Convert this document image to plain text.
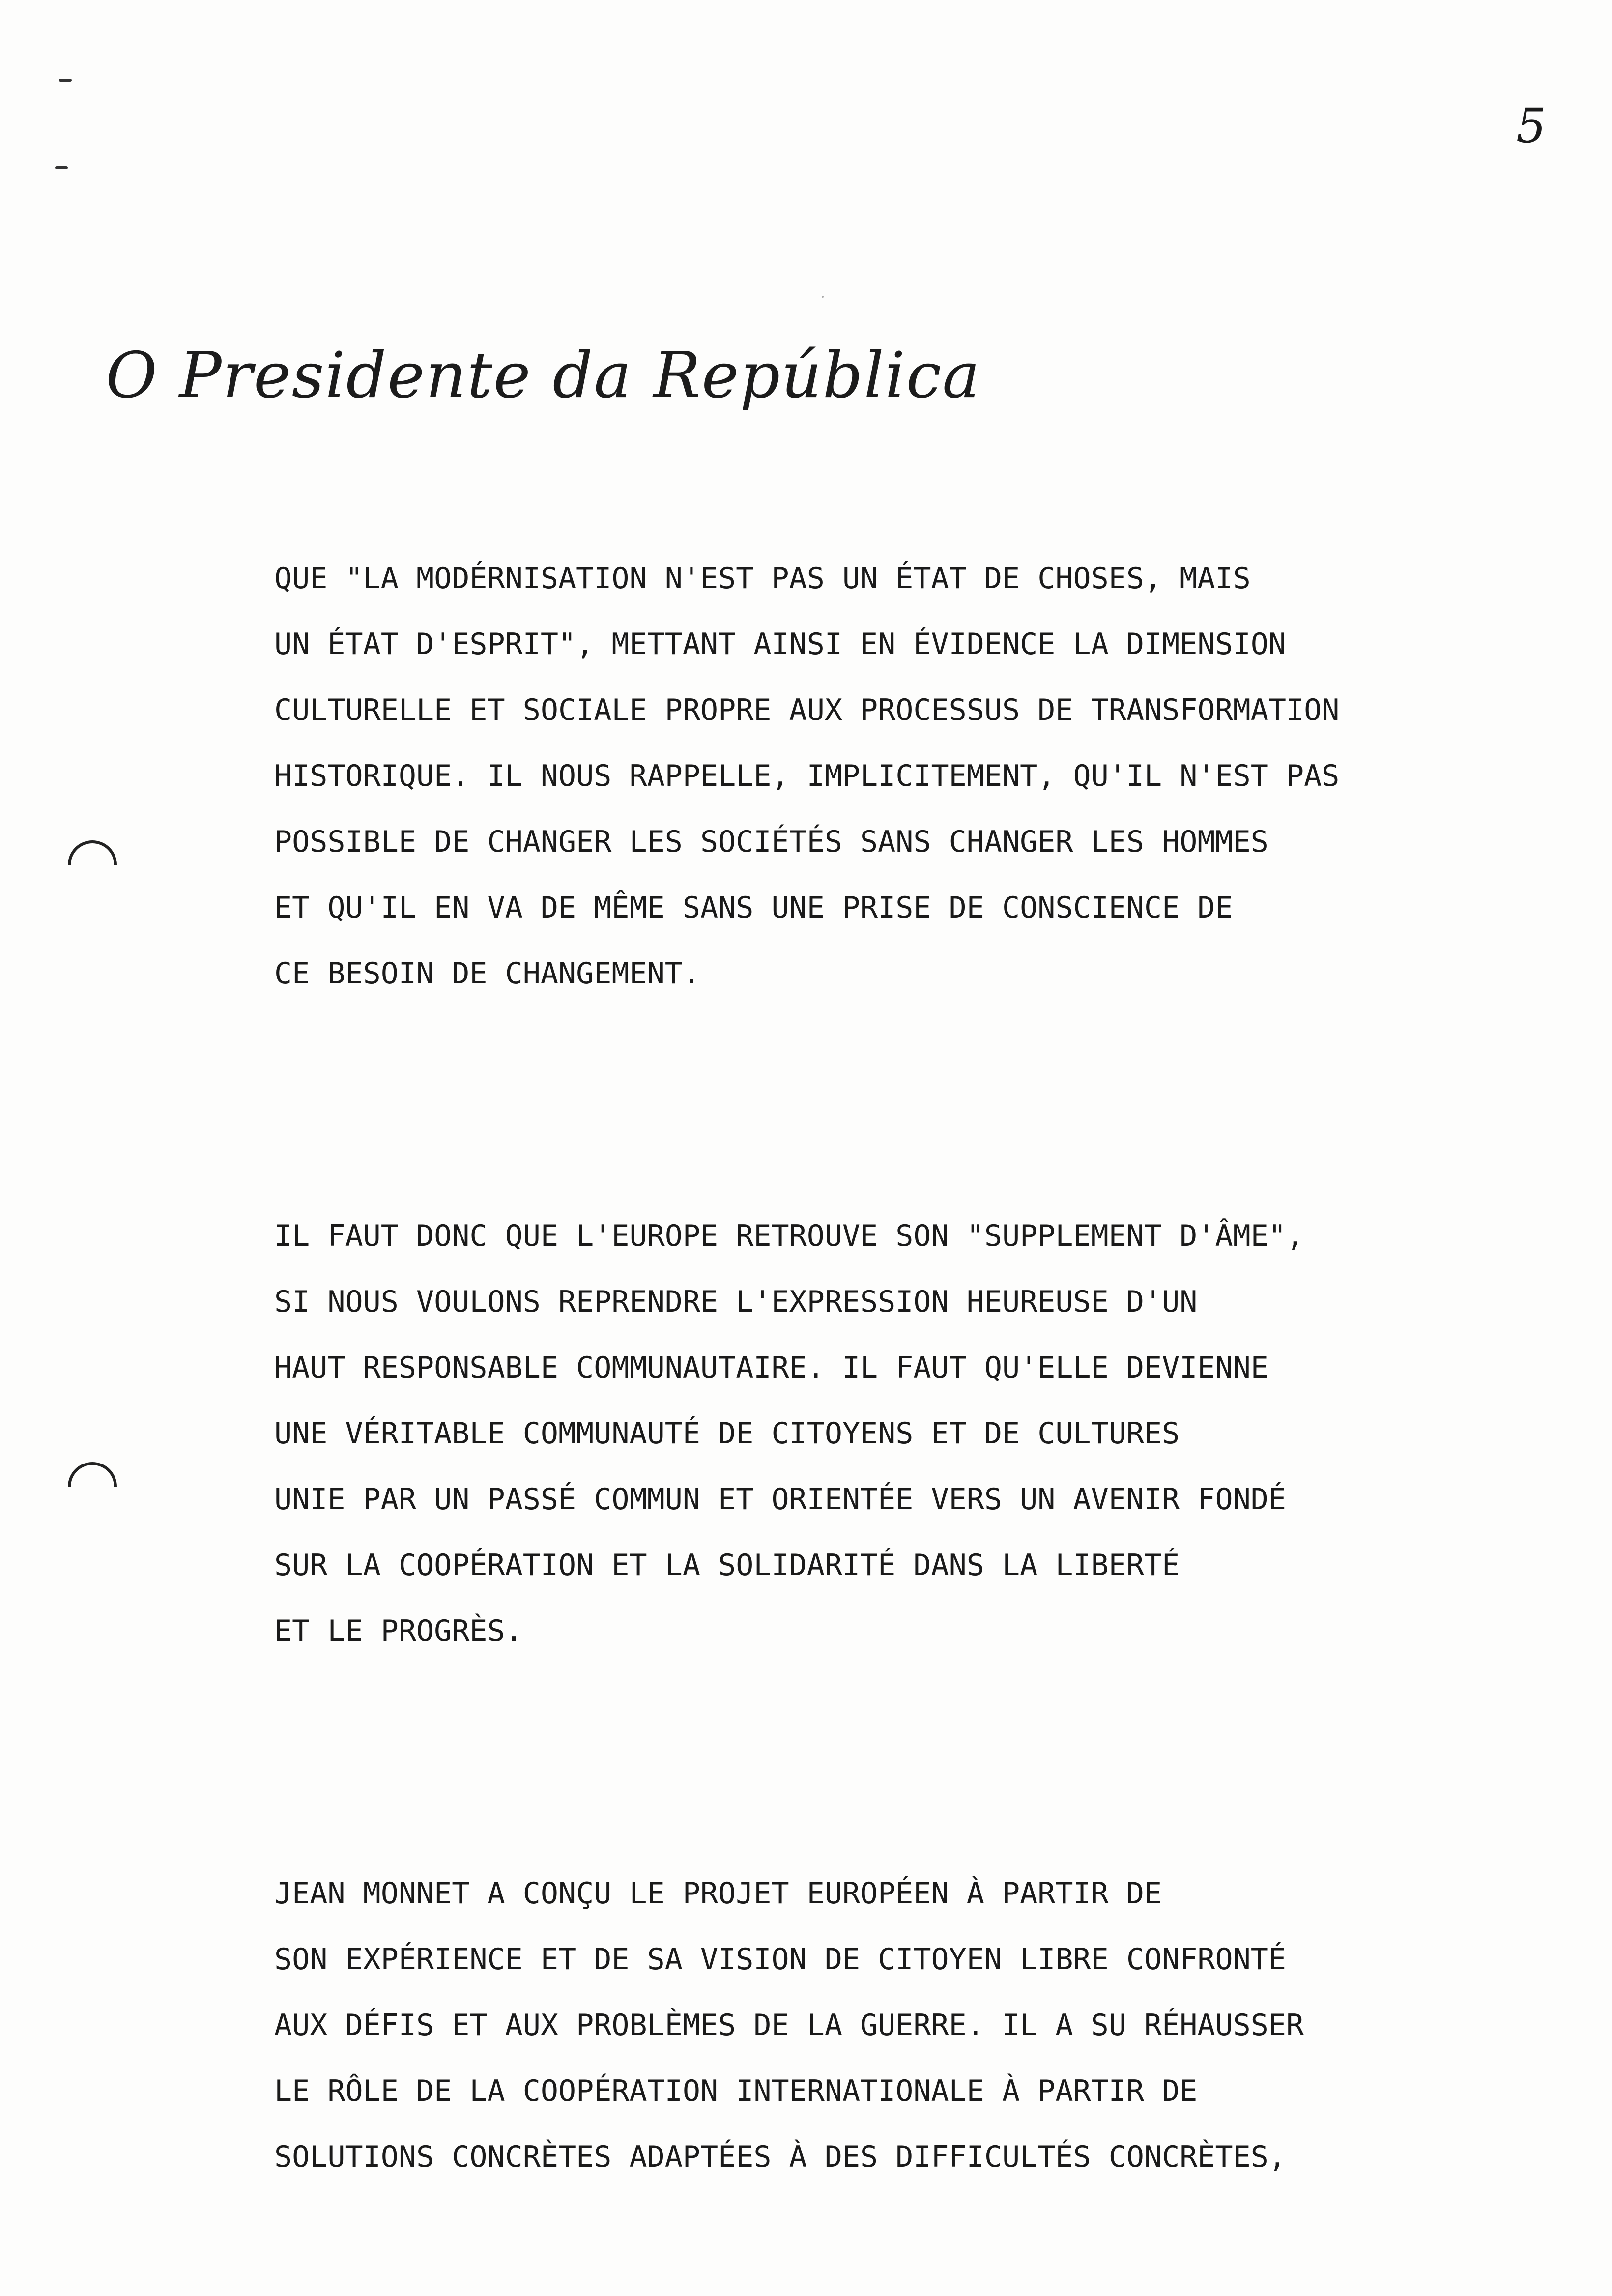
5

O Presidente da República

QUE "LA MODÉRNISATION N'EST PAS UN ÉTAT DE CHOSES, MAIS
UN ÉTAT D'ESPRIT", METTANT AINSI EN ÉVIDENCE LA DIMENSION
CULTURELLE ET SOCIALE PROPRE AUX PROCESSUS DE TRANSFORMATION
HISTORIQUE. IL NOUS RAPPELLE, IMPLICITEMENT, QU'IL N'EST PAS
POSSIBLE DE CHANGER LES SOCIÉTÉS SANS CHANGER LES HOMMES
ET QU'IL EN VA DE MÊME SANS UNE PRISE DE CONSCIENCE DE
CE BESOIN DE CHANGEMENT.
IL FAUT DONC QUE L'EUROPE RETROUVE SON "SUPPLEMENT D'ÂME",
SI NOUS VOULONS REPRENDRE L'EXPRESSION HEUREUSE D'UN
HAUT RESPONSABLE COMMUNAUTAIRE. IL FAUT QU'ELLE DEVIENNE
UNE VÉRITABLE COMMUNAUTÉ DE CITOYENS ET DE CULTURES
UNIE PAR UN PASSÉ COMMUN ET ORIENTÉE VERS UN AVENIR FONDÉ
SUR LA COOPÉRATION ET LA SOLIDARITÉ DANS LA LIBERTÉ
ET LE PROGRÈS.
JEAN MONNET A CONÇU LE PROJET EUROPÉEN À PARTIR DE
SON EXPÉRIENCE ET DE SA VISION DE CITOYEN LIBRE CONFRONTÉ
AUX DÉFIS ET AUX PROBLÈMES DE LA GUERRE. IL A SU RÉHAUSSER
LE RÔLE DE LA COOPÉRATION INTERNATIONALE À PARTIR DE
SOLUTIONS CONCRÈTES ADAPTÉES À DES DIFFICULTÉS CONCRÈTES,
